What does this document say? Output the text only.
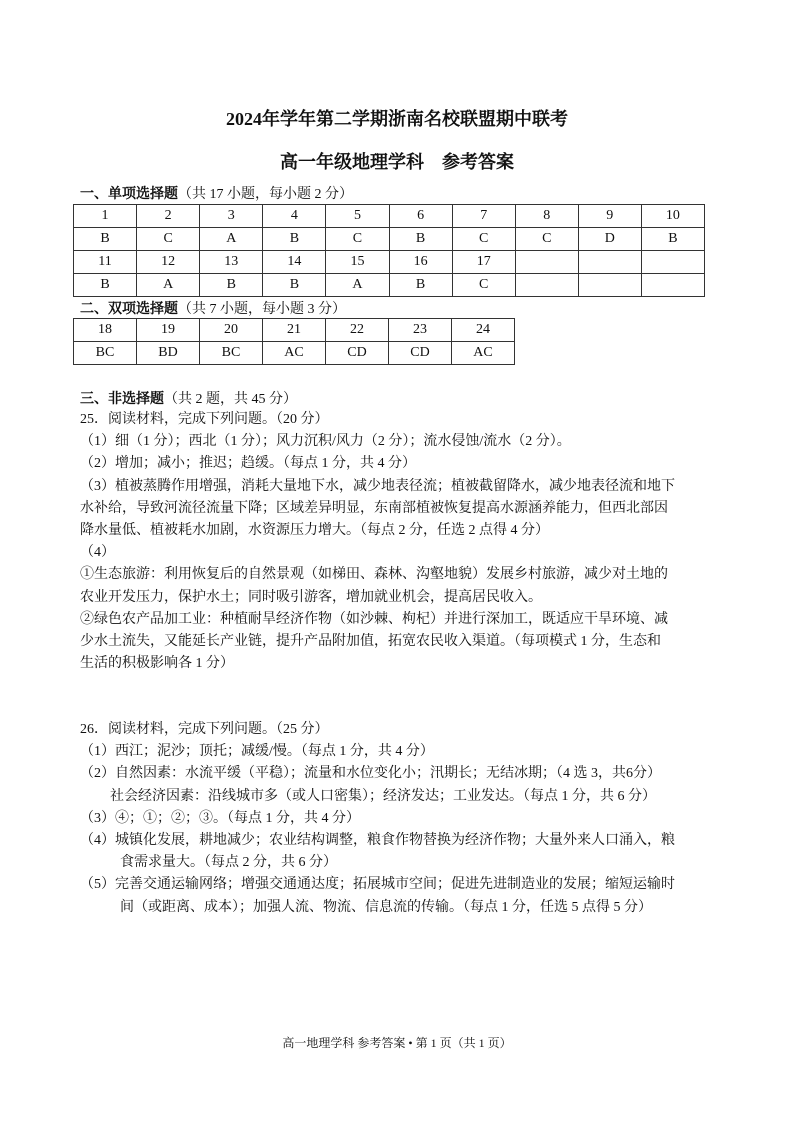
2024年学年第二学期浙南名校联盟期中联考
高一年级地理学科　参考答案
一、单项选择题（共 17 小题，每小题 2 分）
1	2	3	4	5	6	7	8	9	10
B	C	A	B	C	B	C	C	D	B
11	12	13	14	15	16	17			
B	A	B	B	A	B	C			
二、双项选择题（共 7 小题，每小题 3 分）
18	19	20	21	22	23	24
BC	BD	BC	AC	CD	CD	AC
三、非选择题（共 2 题，共 45 分）
25．阅读材料，完成下列问题。（20 分）
（1）细（1 分）；西北（1 分）；风力沉积/风力（2 分）；流水侵蚀/流水（2 分）。
（2）增加；减小；推迟；趋缓。（每点 1 分，共 4 分）
（3）植被蒸腾作用增强，消耗大量地下水，减少地表径流；植被截留降水，减少地表径流和地下
水补给，导致河流径流量下降；区域差异明显，东南部植被恢复提高水源涵养能力，但西北部因
降水量低、植被耗水加剧，水资源压力增大。（每点 2 分，任选 2 点得 4 分）
（4）
①生态旅游：利用恢复后的自然景观（如梯田、森林、沟壑地貌）发展乡村旅游，减少对土地的
农业开发压力，保护水土；同时吸引游客，增加就业机会，提高居民收入。
②绿色农产品加工业：种植耐旱经济作物（如沙棘、枸杞）并进行深加工，既适应干旱环境、减
少水土流失，又能延长产业链，提升产品附加值，拓宽农民收入渠道。（每项模式 1 分，生态和
生活的积极影响各 1 分）
26．阅读材料，完成下列问题。（25 分）
（1）西江；泥沙；顶托；减缓/慢。（每点 1 分，共 4 分）
（2）自然因素：水流平缓（平稳）；流量和水位变化小；汛期长；无结冰期；（4 选 3，共6分）
社会经济因素：沿线城市多（或人口密集）；经济发达；工业发达。（每点 1 分，共 6 分）
（3）④；①；②；③。（每点 1 分，共 4 分）
（4）城镇化发展，耕地减少；农业结构调整，粮食作物替换为经济作物；大量外来人口涌入，粮
食需求量大。（每点 2 分，共 6 分）
（5）完善交通运输网络；增强交通通达度；拓展城市空间；促进先进制造业的发展；缩短运输时
间（或距离、成本）；加强人流、物流、信息流的传输。（每点 1 分，任选 5 点得 5 分）
高一地理学科 参考答案 • 第 1 页（共 1 页）
